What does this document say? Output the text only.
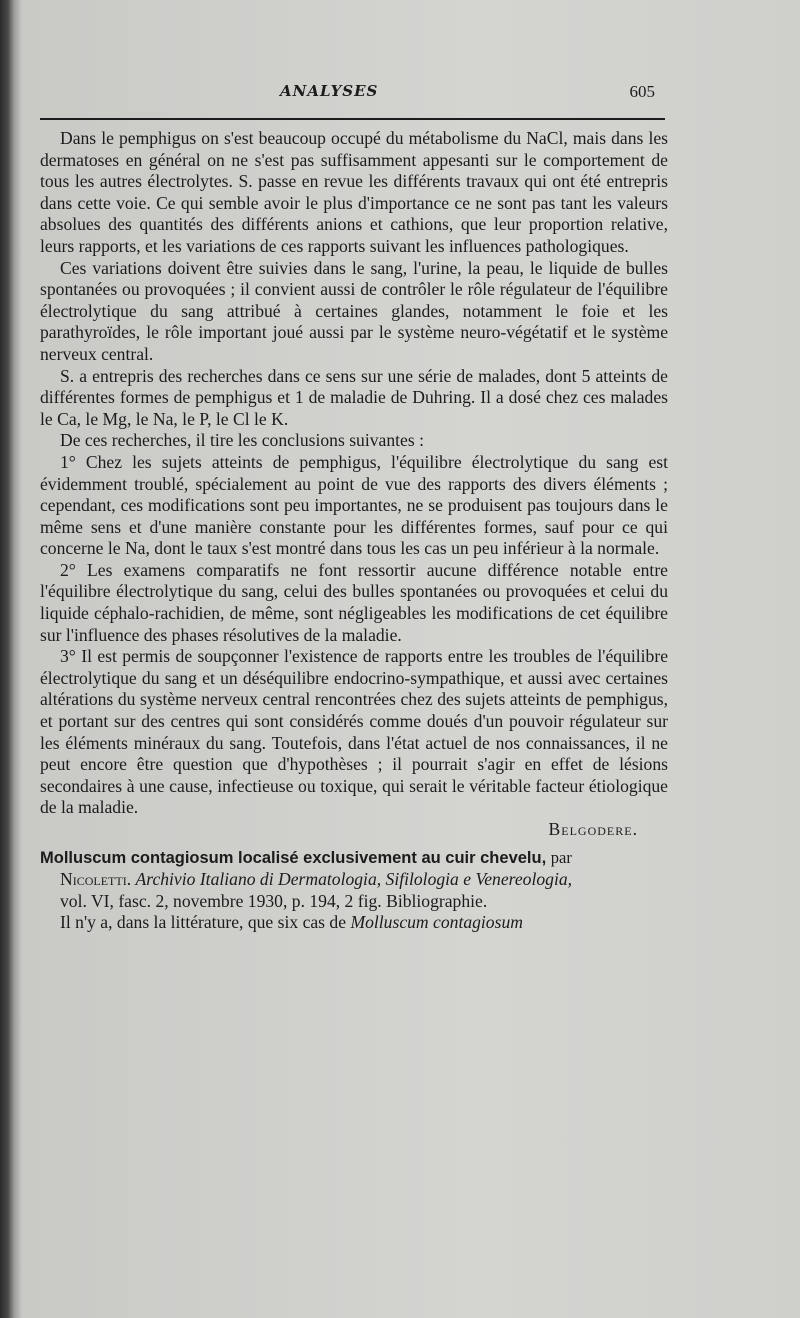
ANALYSES	605

Dans le pemphigus on s'est beaucoup occupé du métabolisme du NaCl, mais dans les dermatoses en général on ne s'est pas suffisamment appesanti sur le comportement de tous les autres électrolytes. S. passe en revue les différents travaux qui ont été entrepris dans cette voie. Ce qui semble avoir le plus d'importance ce ne sont pas tant les valeurs absolues des quantités des différents anions et cathions, que leur proportion relative, leurs rapports, et les variations de ces rapports suivant les influences pathologiques.

Ces variations doivent être suivies dans le sang, l'urine, la peau, le liquide de bulles spontanées ou provoquées ; il convient aussi de contrôler le rôle régulateur de l'équilibre électrolytique du sang attribué à certaines glandes, notamment le foie et les parathyroïdes, le rôle important joué aussi par le système neuro-végétatif et le système nerveux central.

S. a entrepris des recherches dans ce sens sur une série de malades, dont 5 atteints de différentes formes de pemphigus et 1 de maladie de Duhring. Il a dosé chez ces malades le Ca, le Mg, le Na, le P, le Cl le K.

De ces recherches, il tire les conclusions suivantes :

1° Chez les sujets atteints de pemphigus, l'équilibre électrolytique du sang est évidemment troublé, spécialement au point de vue des rapports des divers éléments ; cependant, ces modifications sont peu importantes, ne se produisent pas toujours dans le même sens et d'une manière constante pour les différentes formes, sauf pour ce qui concerne le Na, dont le taux s'est montré dans tous les cas un peu inférieur à la normale.

2° Les examens comparatifs ne font ressortir aucune différence notable entre l'équilibre électrolytique du sang, celui des bulles spontanées ou provoquées et celui du liquide céphalo-rachidien, de même, sont négligeables les modifications de cet équilibre sur l'influence des phases résolutives de la maladie.

3° Il est permis de soupçonner l'existence de rapports entre les troubles de l'équilibre électrolytique du sang et un déséquilibre endocrino-sympathique, et aussi avec certaines altérations du système nerveux central rencontrées chez des sujets atteints de pemphigus, et portant sur des centres qui sont considérés comme doués d'un pouvoir régulateur sur les éléments minéraux du sang. Toutefois, dans l'état actuel de nos connaissances, il ne peut encore être question que d'hypothèses ; il pourrait s'agir en effet de lésions secondaires à une cause, infectieuse ou toxique, qui serait le véritable facteur étiologique de la maladie.

Belgodere.

Molluscum contagiosum localisé exclusivement au cuir chevelu, par

Nicoletti. Archivio Italiano di Dermatologia, Sifilologia e Venereologia,

vol. VI, fasc. 2, novembre 1930, p. 194, 2 fig. Bibliographie.

Il n'y a, dans la littérature, que six cas de Molluscum contagiosum
